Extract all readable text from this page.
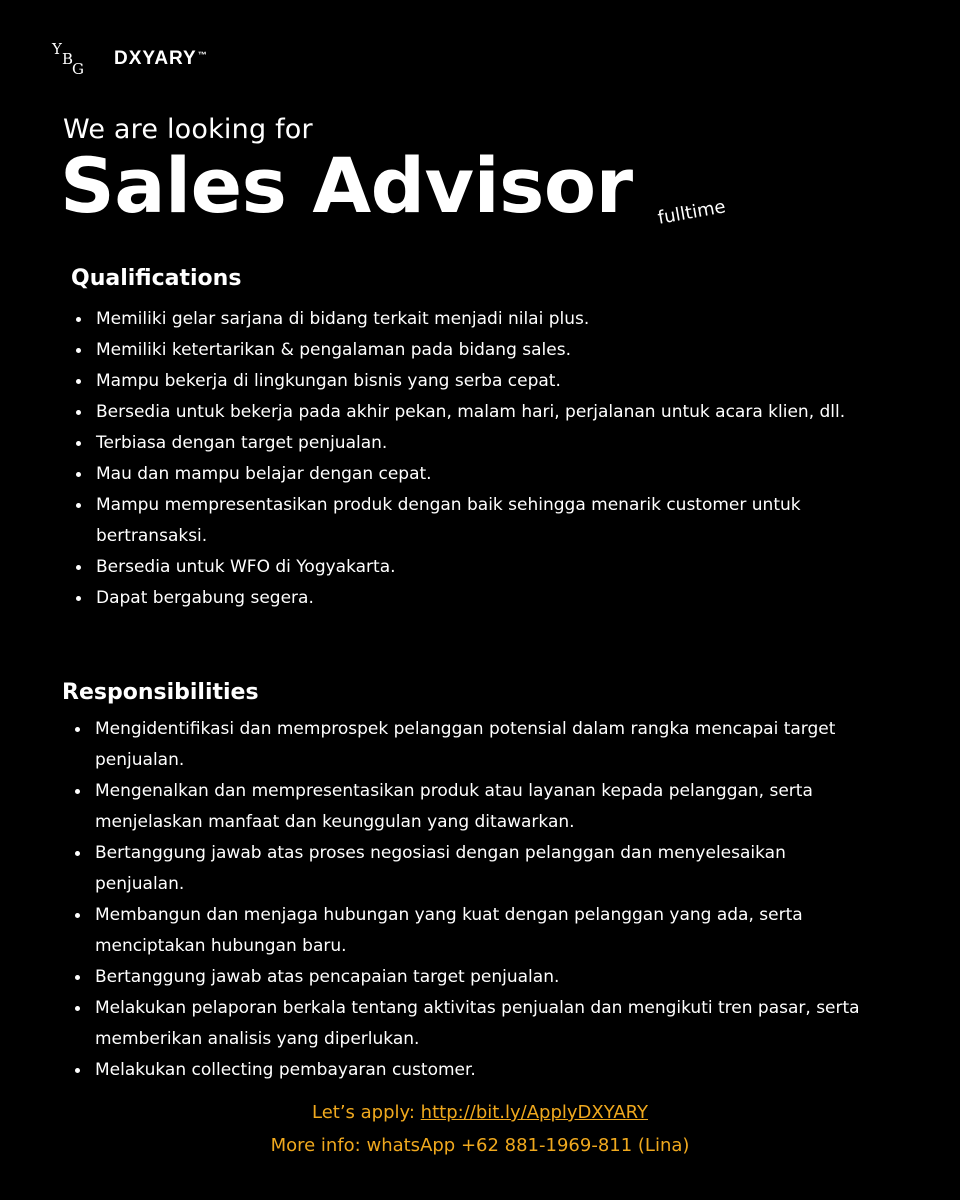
Y
B
G DXYARY™
We are looking for
Sales Advisor fulltime
Qualifications
Memiliki gelar sarjana di bidang terkait menjadi nilai plus.
Memiliki ketertarikan & pengalaman pada bidang sales.
Mampu bekerja di lingkungan bisnis yang serba cepat.
Bersedia untuk bekerja pada akhir pekan, malam hari, perjalanan untuk acara klien, dll.
Terbiasa dengan target penjualan.
Mau dan mampu belajar dengan cepat.
Mampu mempresentasikan produk dengan baik sehingga menarik customer untuk bertransaksi.
Bersedia untuk WFO di Yogyakarta.
Dapat bergabung segera.
Responsibilities
Mengidentifikasi dan memprospek pelanggan potensial dalam rangka mencapai target penjualan.
Mengenalkan dan mempresentasikan produk atau layanan kepada pelanggan, serta menjelaskan manfaat dan keunggulan yang ditawarkan.
Bertanggung jawab atas proses negosiasi dengan pelanggan dan menyelesaikan penjualan.
Membangun dan menjaga hubungan yang kuat dengan pelanggan yang ada, serta menciptakan hubungan baru.
Bertanggung jawab atas pencapaian target penjualan.
Melakukan pelaporan berkala tentang aktivitas penjualan dan mengikuti tren pasar, serta memberikan analisis yang diperlukan.
Melakukan collecting pembayaran customer.
Let’s apply: http://bit.ly/ApplyDXYARY
More info: whatsApp +62 881-1969-811 (Lina)
